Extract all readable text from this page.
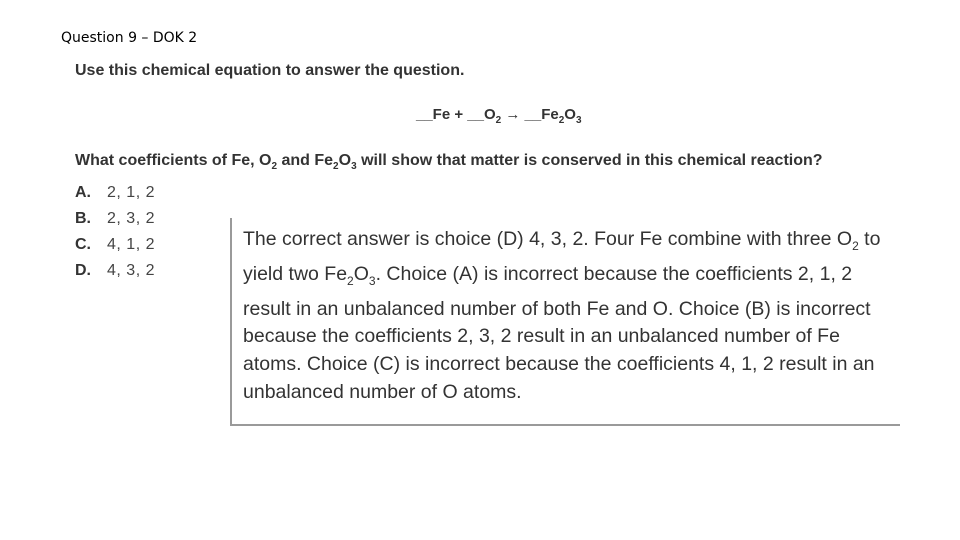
Question 9 – DOK 2
Use this chemical equation to answer the question.
__Fe + $\_\_O_2$ → $\_\_Fe_2O_3$
What coefficients of Fe, $O_2$ and $Fe_2O_3$ will show that matter is conserved in this chemical reaction?
A.	2, 1, 2
B.	2, 3, 2
C.	4, 1, 2
D.	4, 3, 2
The correct answer is choice (D) 4, 3, 2. Four Fe combine with three $O_2$ to yield two $Fe_2O_3$. Choice (A) is incorrect because the coefficients 2, 1, 2 result in an unbalanced number of both Fe and O. Choice (B) is incorrect because the coefficients 2, 3, 2 result in an unbalanced number of Fe atoms. Choice (C) is incorrect because the coefficients 4, 1, 2 result in an unbalanced number of O atoms.
